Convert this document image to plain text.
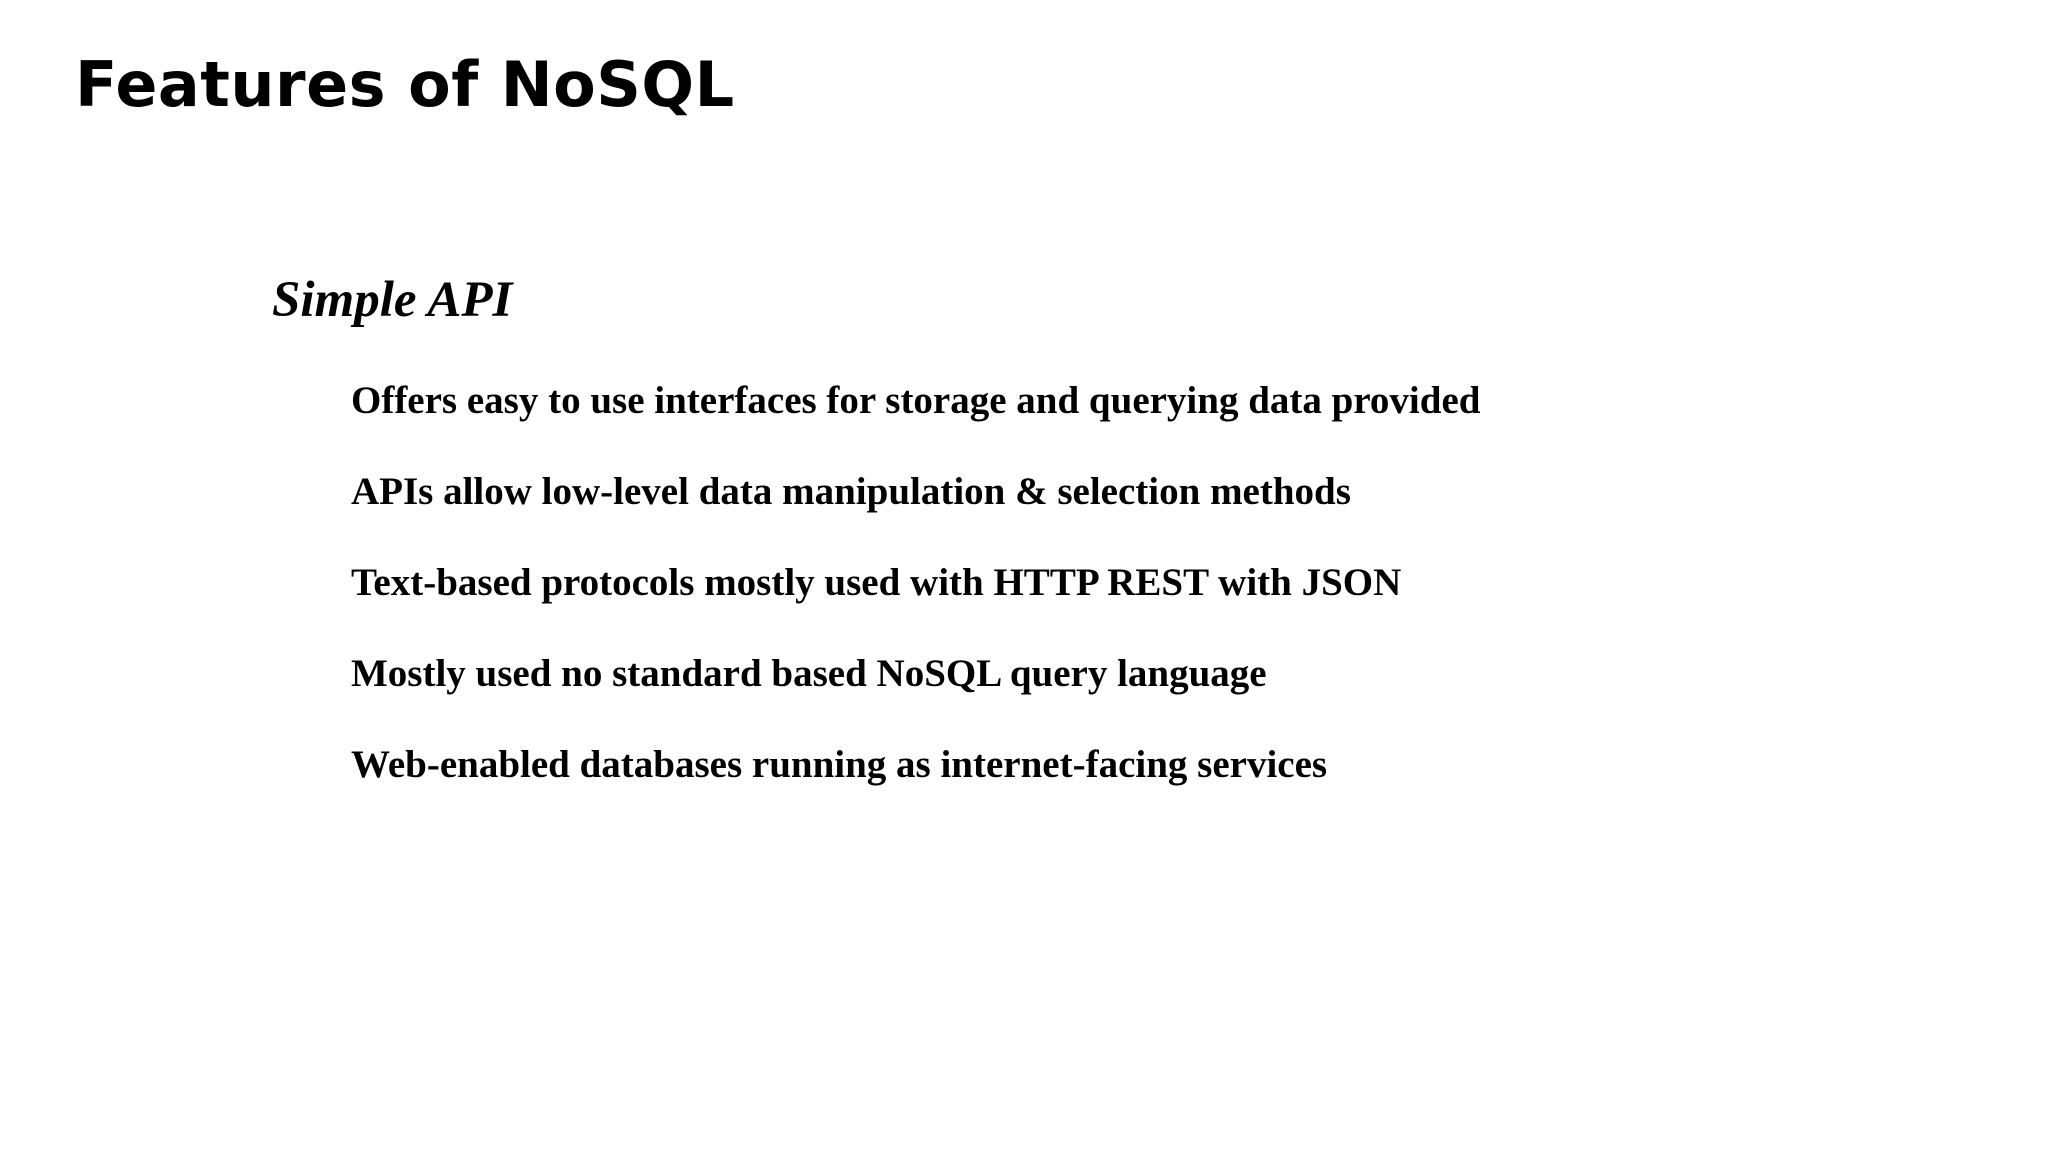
Features of NoSQL
Simple API
Offers easy to use interfaces for storage and querying data provided
APIs allow low-level data manipulation & selection methods
Text-based protocols mostly used with HTTP REST with JSON
Mostly used no standard based NoSQL query language
Web-enabled databases running as internet-facing services
